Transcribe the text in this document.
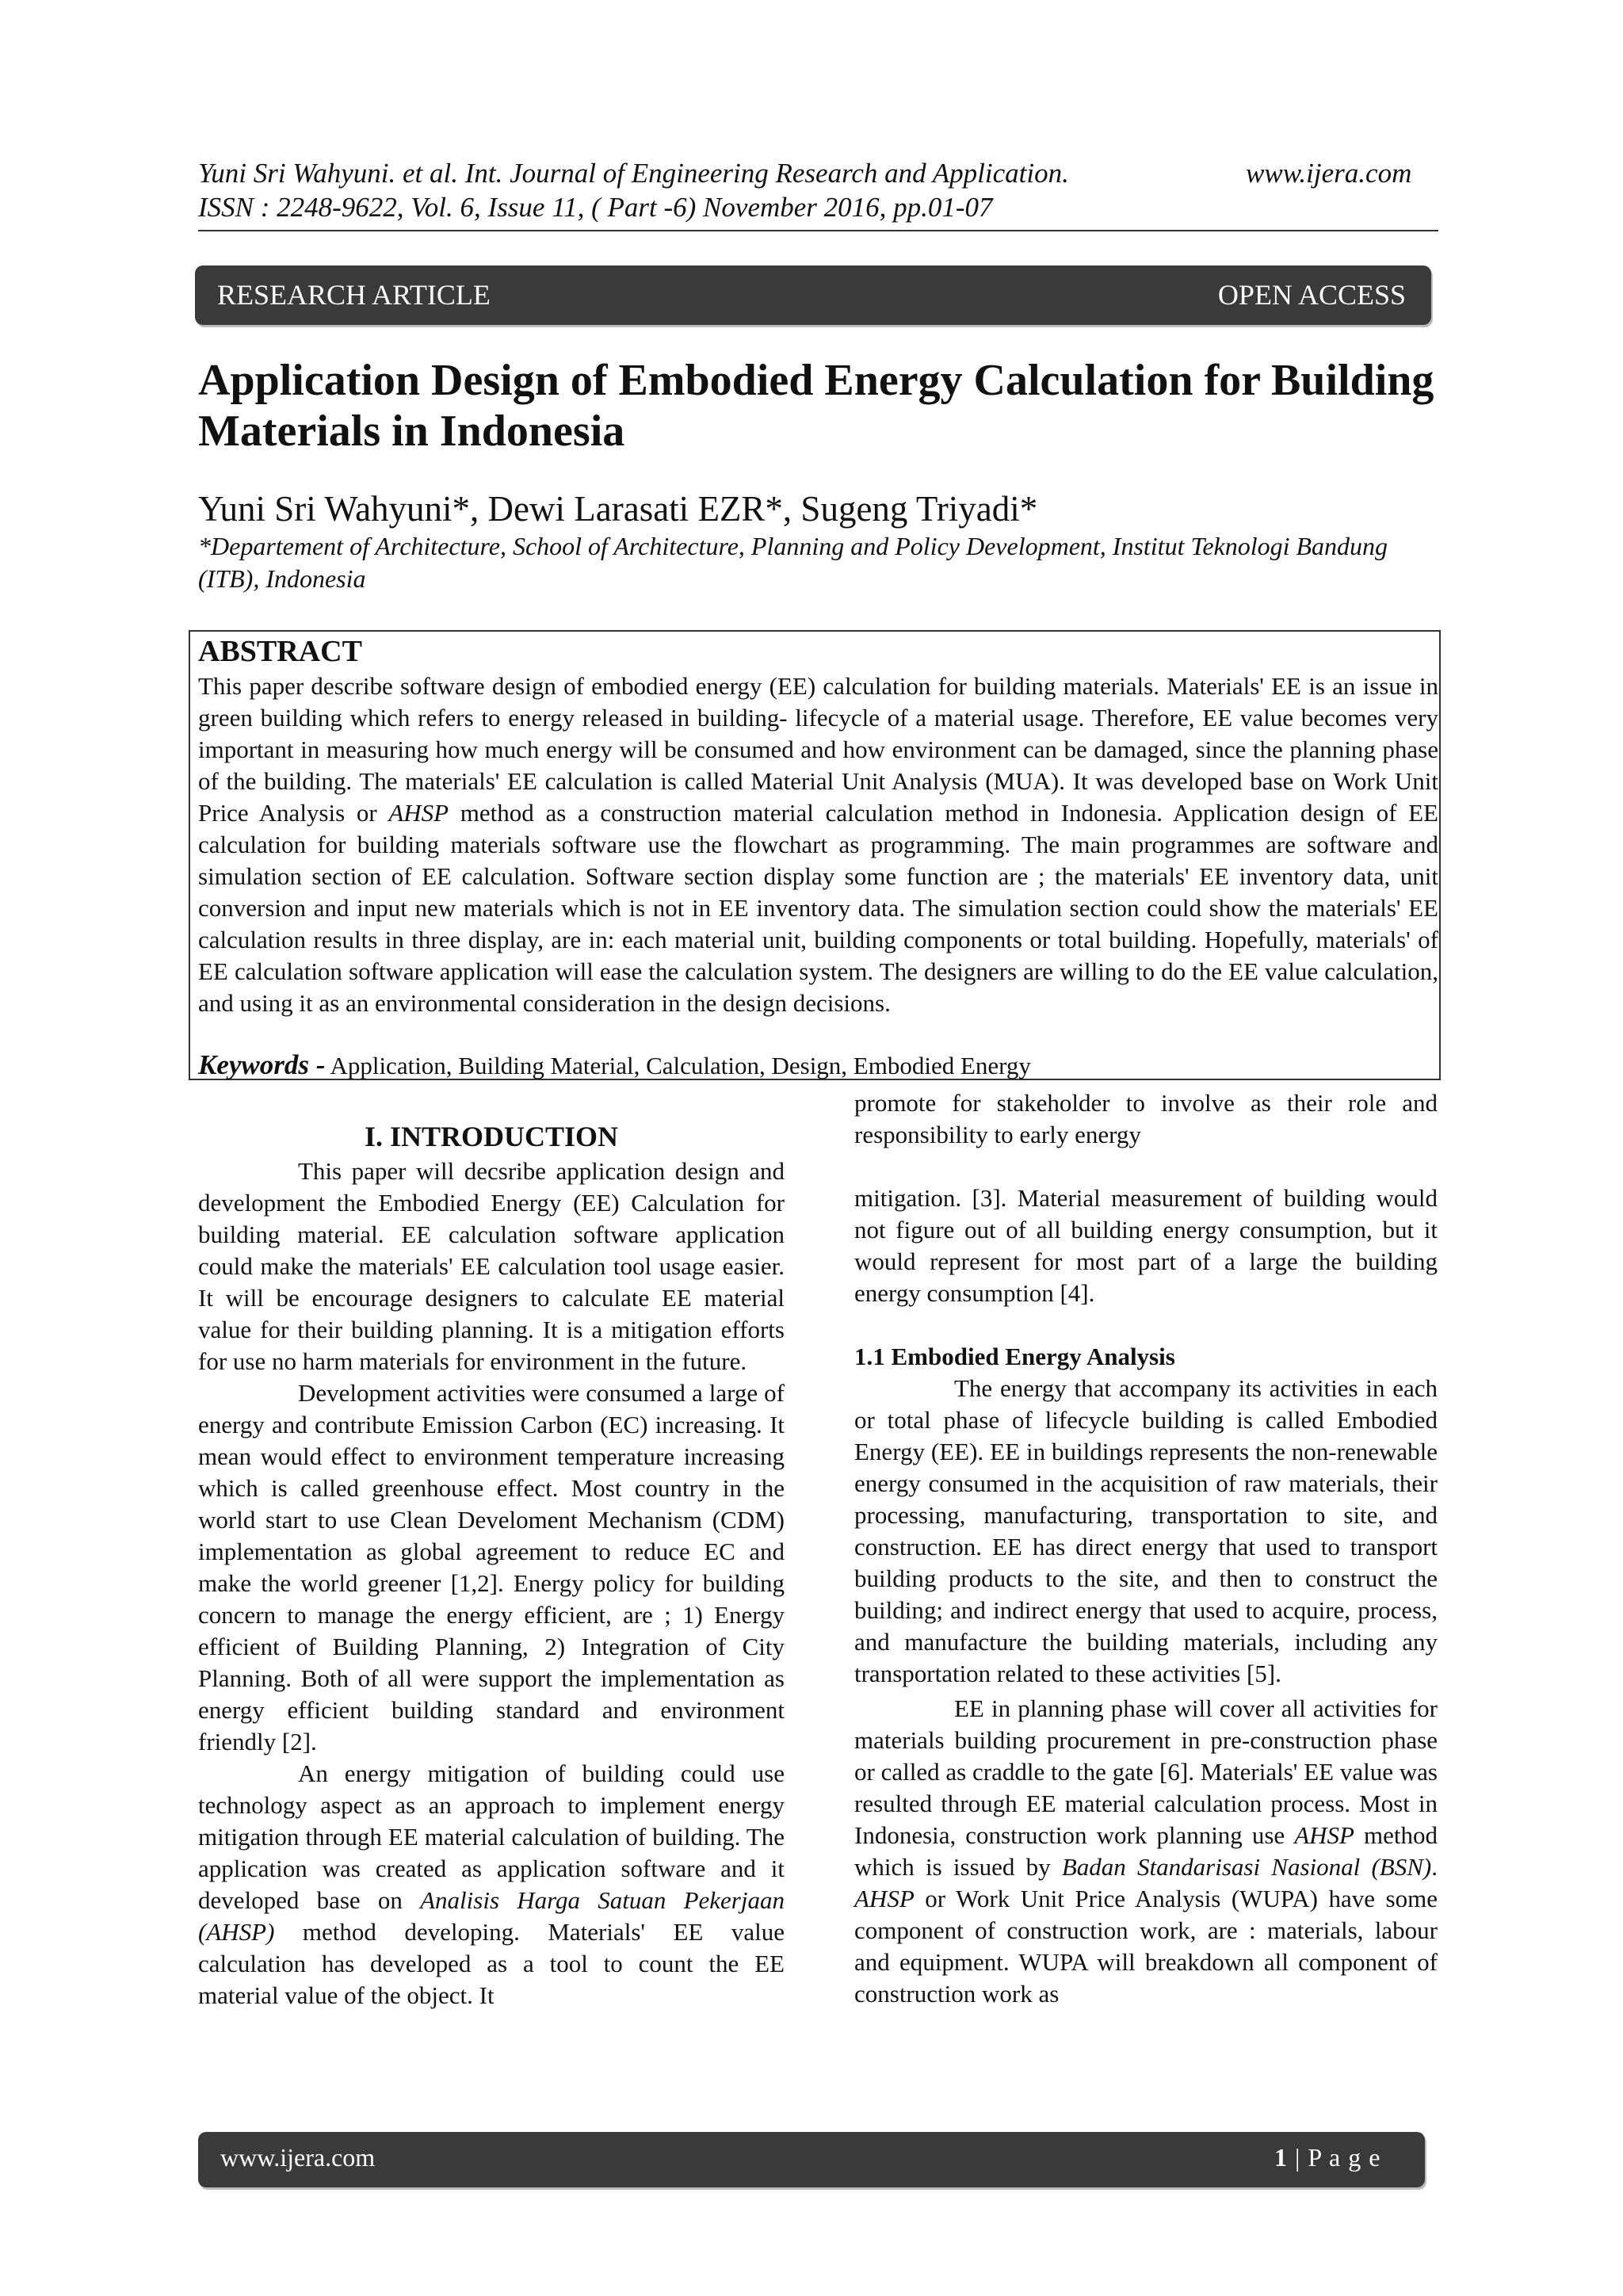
Yuni Sri Wahyuni. et al. Int. Journal of Engineering Research and Application.
ISSN : 2248-9622, Vol. 6, Issue 11, ( Part -6) November 2016, pp.01-07
www.ijera.com
RESEARCH ARTICLE	OPEN ACCESS
Application Design of Embodied Energy Calculation for Building Materials in Indonesia
Yuni Sri Wahyuni*, Dewi Larasati EZR*, Sugeng Triyadi*
*Departement of Architecture, School of Architecture, Planning and Policy Development, Institut Teknologi Bandung (ITB), Indonesia
ABSTRACT
This paper describe software design of embodied energy (EE) calculation for building materials. Materials' EE is an issue in green building which refers to energy released in building- lifecycle of a material usage. Therefore, EE value becomes very important in measuring how much energy will be consumed and how environment can be damaged, since the planning phase of the building. The materials' EE calculation is called Material Unit Analysis (MUA). It was developed base on Work Unit Price Analysis or AHSP method as a construction material calculation method in Indonesia. Application design of EE calculation for building materials software use the flowchart as programming. The main programmes are software and simulation section of EE calculation. Software section display some function are ; the materials' EE inventory data, unit conversion and input new materials which is not in EE inventory data. The simulation section could show the materials' EE calculation results in three display, are in: each material unit, building components or total building. Hopefully, materials' of EE calculation software application will ease the calculation system. The designers are willing to do the EE value calculation, and using it as an environmental consideration in the design decisions.
Keywords - Application, Building Material, Calculation, Design, Embodied Energy
I. INTRODUCTION

This paper will decsribe application design and development the Embodied Energy (EE) Calculation for building material. EE calculation software application could make the materials' EE calculation tool usage easier. It will be encourage designers to calculate EE material value for their building planning. It is a mitigation efforts for use no harm materials for environment in the future.

Development activities were consumed a large of energy and contribute Emission Carbon (EC) increasing. It mean would effect to environment temperature increasing which is called greenhouse effect. Most country in the world start to use Clean Develoment Mechanism (CDM) implementation as global agreement to reduce EC and make the world greener [1,2]. Energy policy for building concern to manage the energy efficient, are ; 1) Energy efficient of Building Planning, 2) Integration of City Planning. Both of all were support the implementation as energy efficient building standard and environment friendly [2].

An energy mitigation of building could use technology aspect as an approach to implement energy mitigation through EE material calculation of building. The application was created as application software and it developed base on Analisis Harga Satuan Pekerjaan (AHSP) method developing. Materials' EE value calculation has developed as a tool to count the EE material value of the object. It

promote for stakeholder to involve as their role and responsibility to early energy

mitigation. [3]. Material measurement of building would not figure out of all building energy consumption, but it would represent for most part of a large the building energy consumption [4].

1.1 Embodied Energy Analysis

The energy that accompany its activities in each or total phase of lifecycle building is called Embodied Energy (EE). EE in buildings represents the non-renewable energy consumed in the acquisition of raw materials, their processing, manufacturing, transportation to site, and construction. EE has direct energy that used to transport building products to the site, and then to construct the building; and indirect energy that used to acquire, process, and manufacture the building materials, including any transportation related to these activities [5].

EE in planning phase will cover all activities for materials building procurement in pre-construction phase or called as craddle to the gate [6]. Materials' EE value was resulted through EE material calculation process. Most in Indonesia, construction work planning use AHSP method which is issued by Badan Standarisasi Nasional (BSN). AHSP or Work Unit Price Analysis (WUPA) have some component of construction work, are : materials, labour and equipment. WUPA will breakdown all component of construction work as

www.ijera.com	1 | P a g e
